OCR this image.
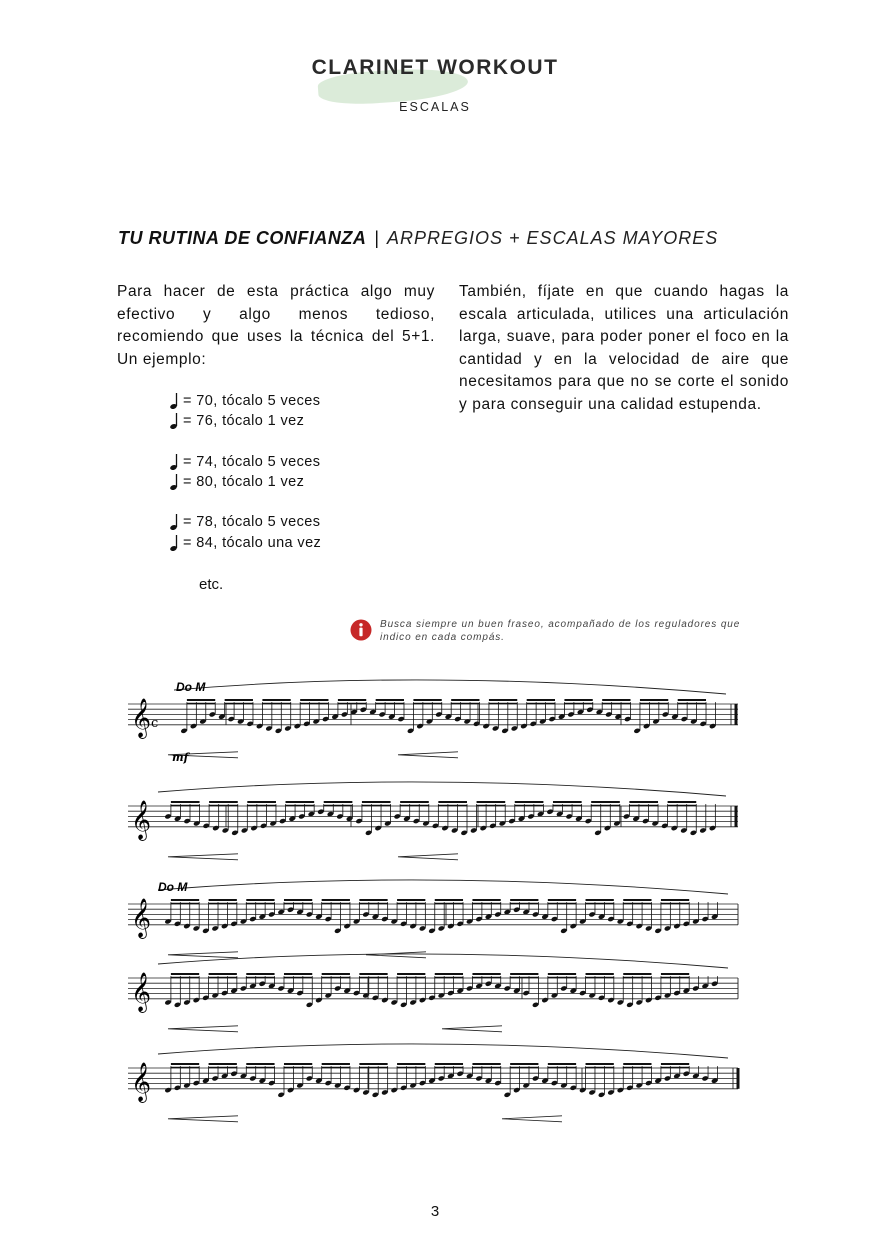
CLARINET WORKOUT
ESCALAS
TU RUTINA DE CONFIANZA | ARPREGIOS + ESCALAS MAYORES
Para hacer de esta práctica algo muy efectivo y algo menos tedioso, recomiendo que uses la técnica del 5+1. Un ejemplo:
También, fíjate en que cuando hagas la escala articulada, utilices una articulación larga, suave, para poder poner el foco en la cantidad y en la velocidad de aire que necesitamos para que no se corte el sonido y para conseguir una calidad estupenda.
= 70, tócalo 5 veces
= 76, tócalo 1 vez
= 74, tócalo 5 veces
= 80, tócalo 1 vez
= 78, tócalo 5 veces
= 84, tócalo una vez
etc.
Busca siempre un buen fraseo, acompañado de los reguladores que indico en cada compás.
𝄞
𝄞
𝄞
𝄞
𝄞
Do M
c
mf
Do M
3
